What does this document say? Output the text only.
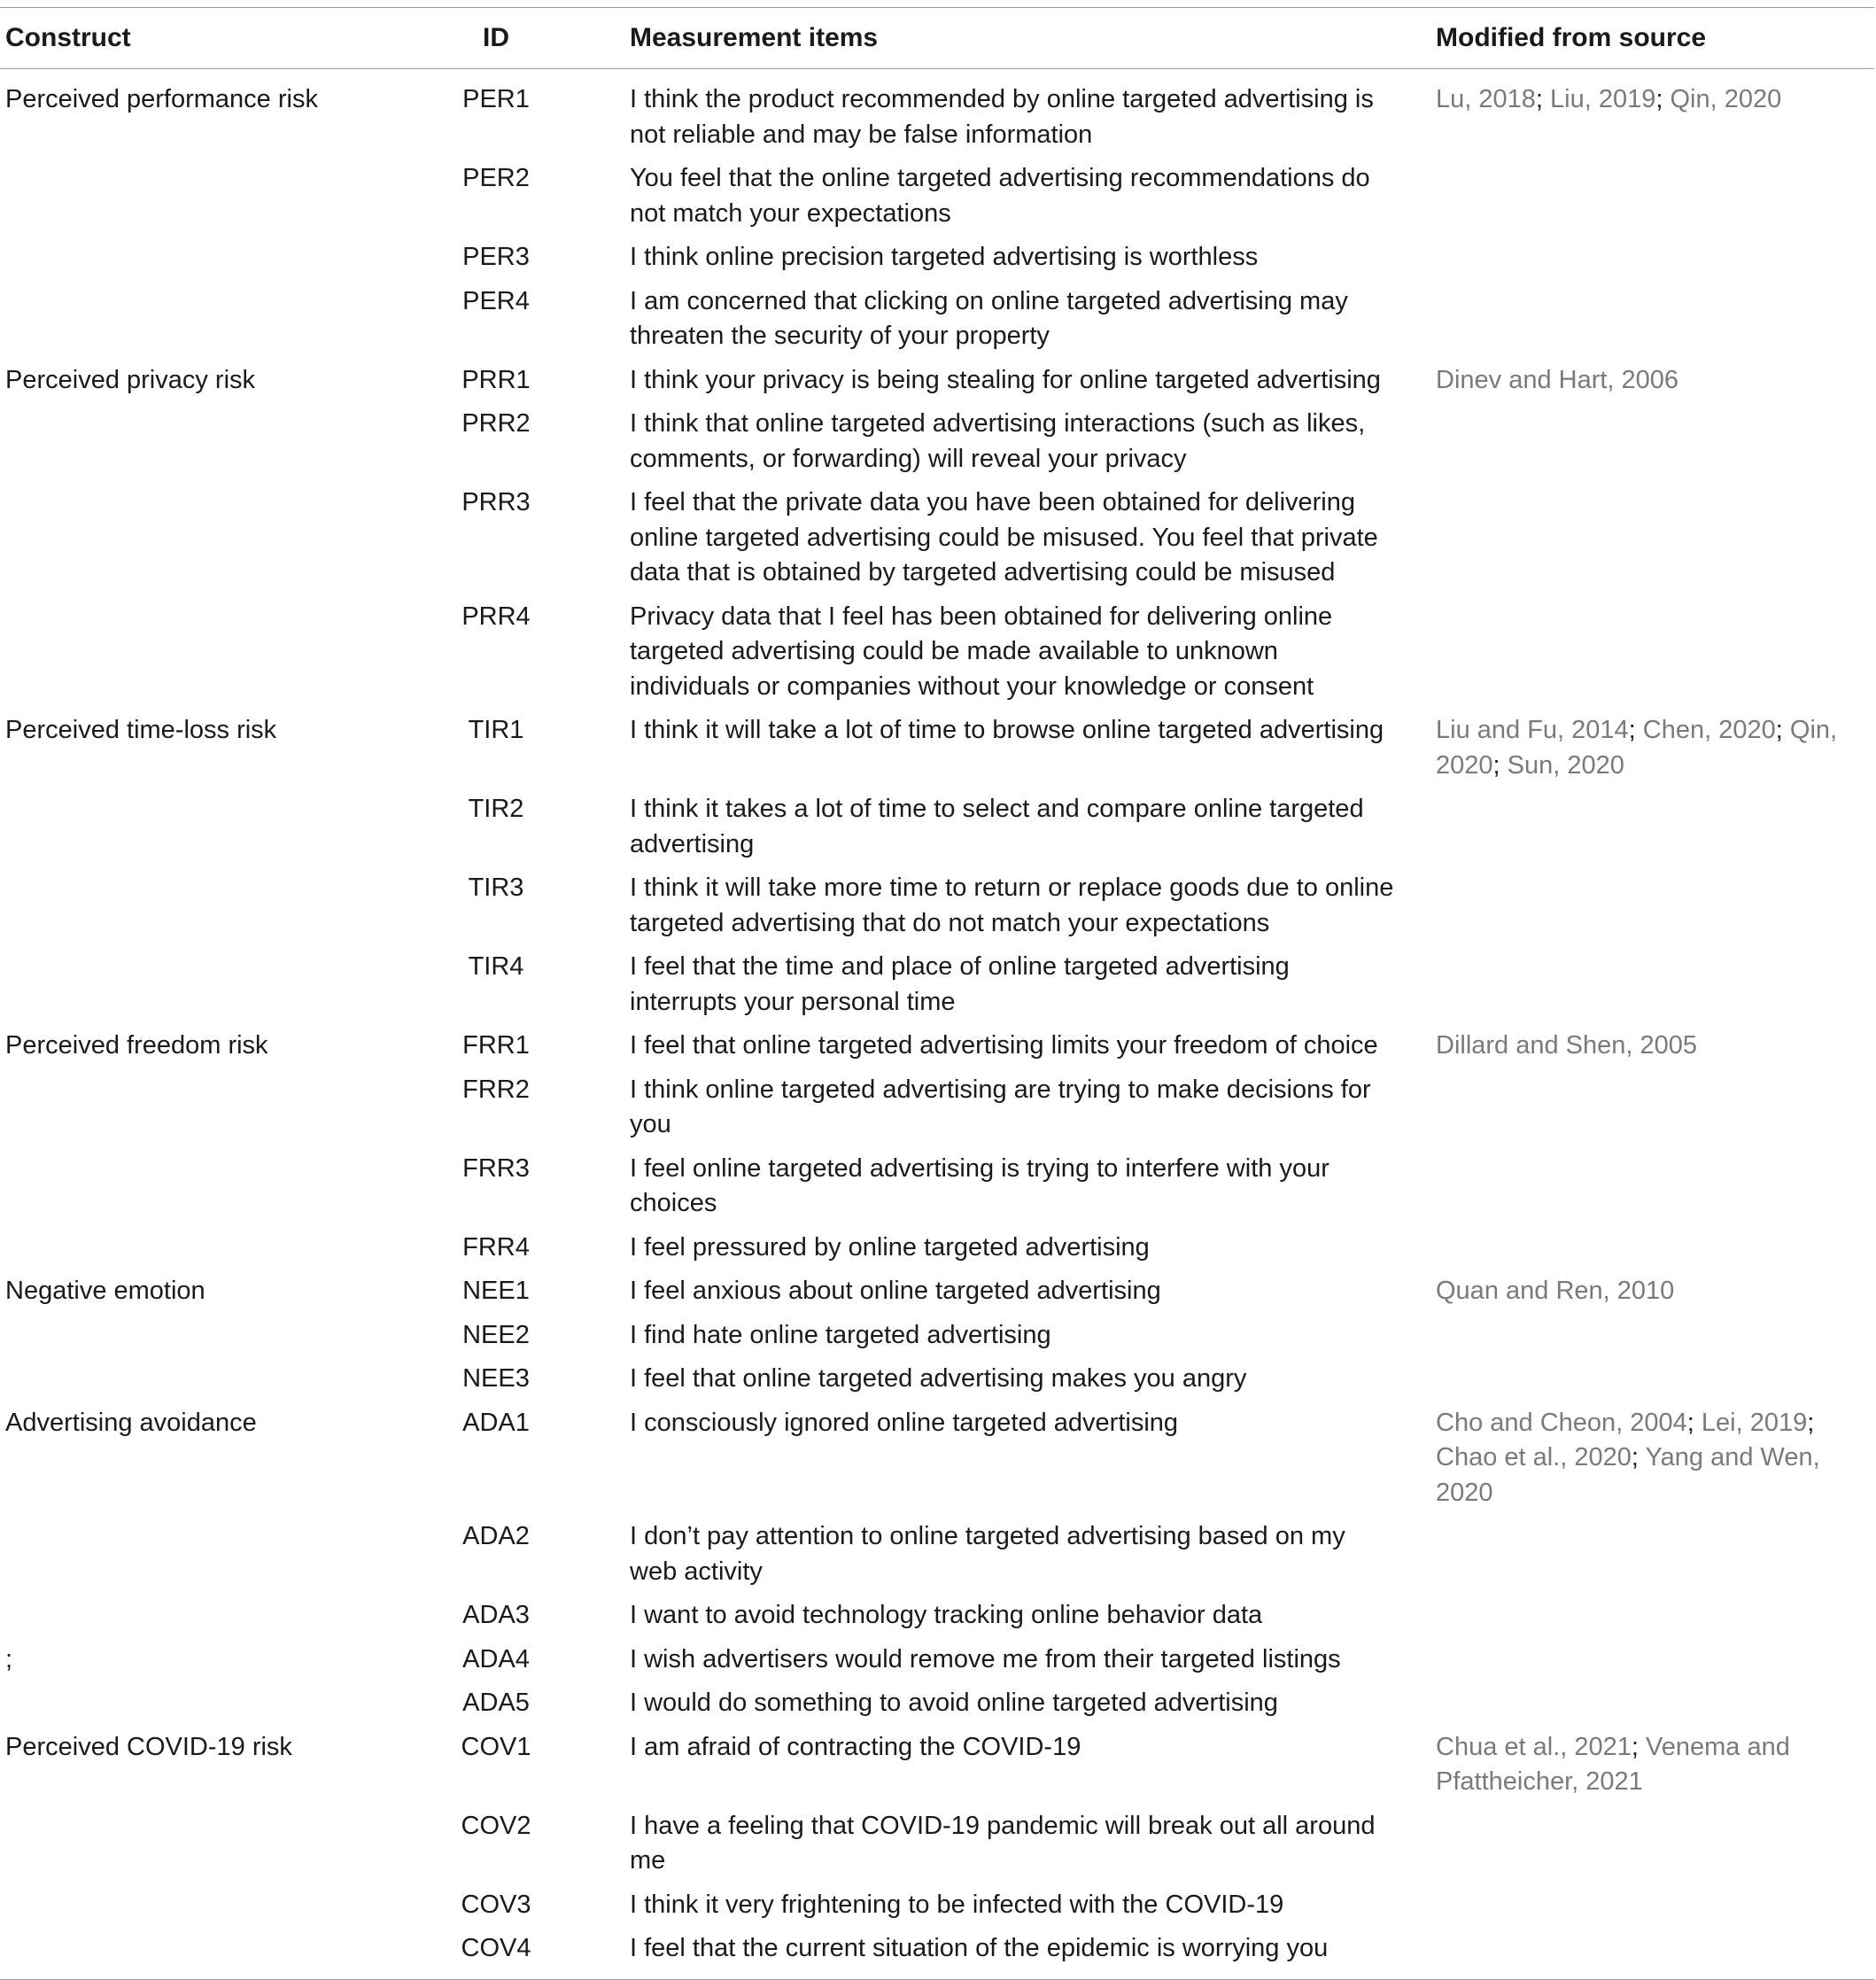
Construct	ID	Measurement items	Modified from source
Perceived performance risk	PER1	I think the product recommended by online targeted advertising is not reliable and may be false information	Lu, 2018; Liu, 2019; Qin, 2020
	PER2	You feel that the online targeted advertising recommendations do not match your expectations	
	PER3	I think online precision targeted advertising is worthless	
	PER4	I am concerned that clicking on online targeted advertising may threaten the security of your property	
Perceived privacy risk	PRR1	I think your privacy is being stealing for online targeted advertising	Dinev and Hart, 2006
	PRR2	I think that online targeted advertising interactions (such as likes, comments, or forwarding) will reveal your privacy	
	PRR3	I feel that the private data you have been obtained for delivering online targeted advertising could be misused. You feel that private data that is obtained by targeted advertising could be misused	
	PRR4	Privacy data that I feel has been obtained for delivering online targeted advertising could be made available to unknown individuals or companies without your knowledge or consent	
Perceived time-loss risk	TIR1	I think it will take a lot of time to browse online targeted advertising	Liu and Fu, 2014; Chen, 2020; Qin, 2020; Sun, 2020
	TIR2	I think it takes a lot of time to select and compare online targeted advertising	
	TIR3	I think it will take more time to return or replace goods due to online targeted advertising that do not match your expectations	
	TIR4	I feel that the time and place of online targeted advertising interrupts your personal time	
Perceived freedom risk	FRR1	I feel that online targeted advertising limits your freedom of choice	Dillard and Shen, 2005
	FRR2	I think online targeted advertising are trying to make decisions for you	
	FRR3	I feel online targeted advertising is trying to interfere with your choices	
	FRR4	I feel pressured by online targeted advertising	
Negative emotion	NEE1	I feel anxious about online targeted advertising	Quan and Ren, 2010
	NEE2	I find hate online targeted advertising	
	NEE3	I feel that online targeted advertising makes you angry	
Advertising avoidance	ADA1	I consciously ignored online targeted advertising	Cho and Cheon, 2004; Lei, 2019; Chao et al., 2020; Yang and Wen, 2020
	ADA2	I don’t pay attention to online targeted advertising based on my web activity	
	ADA3	I want to avoid technology tracking online behavior data	
;	ADA4	I wish advertisers would remove me from their targeted listings	
	ADA5	I would do something to avoid online targeted advertising	
Perceived COVID-19 risk	COV1	I am afraid of contracting the COVID-19	Chua et al., 2021; Venema and Pfattheicher, 2021
	COV2	I have a feeling that COVID-19 pandemic will break out all around me	
	COV3	I think it very frightening to be infected with the COVID-19	
	COV4	I feel that the current situation of the epidemic is worrying you	
